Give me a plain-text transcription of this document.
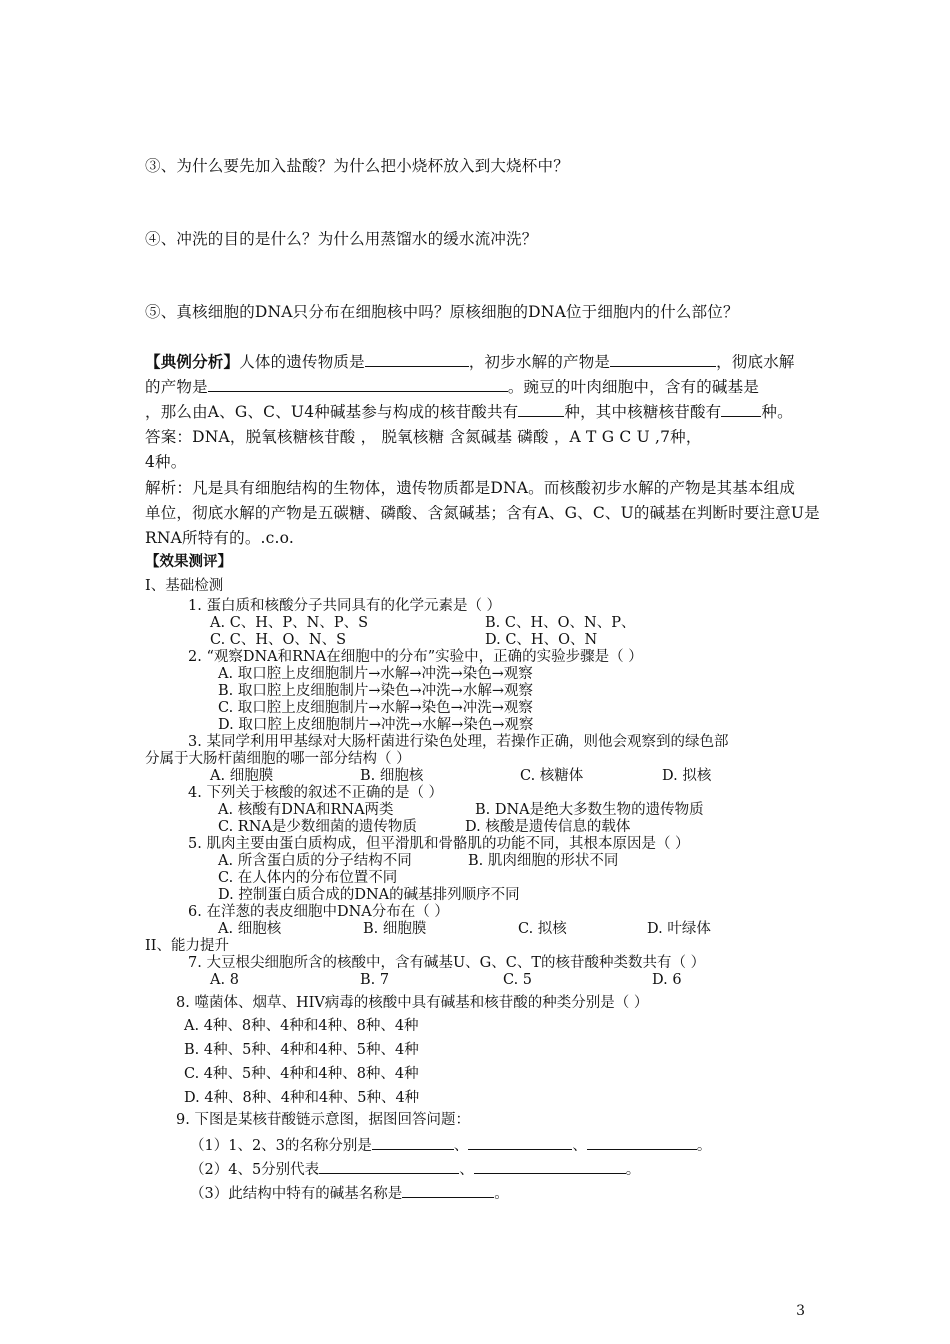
③、为什么要先加入盐酸？为什么把小烧杯放入到大烧杯中？
④、冲洗的目的是什么？为什么用蒸馏水的缓水流冲洗？
⑤、真核细胞的DNA只分布在细胞核中吗？原核细胞的DNA位于细胞内的什么部位？
【典例分析】人体的遗传物质是	，初步水解的产物是	，彻底水解
的产物是	。豌豆的叶肉细胞中，含有的碱基是
，那么由A、G、C、U4种碱基参与构成的核苷酸共有	种，其中核糖核苷酸有	种。
答案：DNA，脱氧核糖核苷酸 ， 脱氧核糖 含氮碱基 磷酸 ，A T G C U ,7种，
4种。
解析：凡是具有细胞结构的生物体，遗传物质都是DNA。而核酸初步水解的产物是其基本组成
单位，彻底水解的产物是五碳糖、磷酸、含氮碱基；含有A、G、C、U的碱基在判断时要注意U是
RNA所特有的。.c.o.
【效果测评】
I、基础检测
1. 蛋白质和核酸分子共同具有的化学元素是（ ）
A. C、H、P、N、P、S	B. C、H、O、N、P、
C. C、H、O、N、S	D. C、H、O、N
2. “观察DNA和RNA在细胞中的分布”实验中，正确的实验步骤是（ ）
A. 取口腔上皮细胞制片→水解→冲洗→染色→观察
B. 取口腔上皮细胞制片→染色→冲洗→水解→观察
C. 取口腔上皮细胞制片→水解→染色→冲洗→观察
D. 取口腔上皮细胞制片→冲洗→水解→染色→观察
3. 某同学利用甲基绿对大肠杆菌进行染色处理，若操作正确，则他会观察到的绿色部
分属于大肠杆菌细胞的哪一部分结构（ ）
A. 细胞膜	B. 细胞核	C. 核糖体	D. 拟核
4. 下列关于核酸的叙述不正确的是（ ）
A. 核酸有DNA和RNA两类	B. DNA是绝大多数生物的遗传物质
C. RNA是少数细菌的遗传物质	D. 核酸是遗传信息的载体
5. 肌肉主要由蛋白质构成，但平滑肌和骨骼肌的功能不同，其根本原因是（ ）
A. 所含蛋白质的分子结构不同	B. 肌肉细胞的形状不同
C. 在人体内的分布位置不同
D. 控制蛋白质合成的DNA的碱基排列顺序不同
6. 在洋葱的表皮细胞中DNA分布在（ ）
A. 细胞核	B. 细胞膜	C. 拟核	D. 叶绿体
II、能力提升
7. 大豆根尖细胞所含的核酸中，含有碱基U、G、C、T的核苷酸种类数共有（ ）
A. 8	B. 7	C. 5	D. 6
8. 噬菌体、烟草、HIV病毒的核酸中具有碱基和核苷酸的种类分别是（ ）
A. 4种、8种、4种和4种、8种、4种
B. 4种、5种、4种和4种、5种、4种
C. 4种、5种、4种和4种、8种、4种
D. 4种、8种、4种和4种、5种、4种
9. 下图是某核苷酸链示意图，据图回答问题：
（1）1、2、3的名称分别是	、	、	。
（2）4、5分别代表	、	。
（3）此结构中特有的碱基名称是	。
3
